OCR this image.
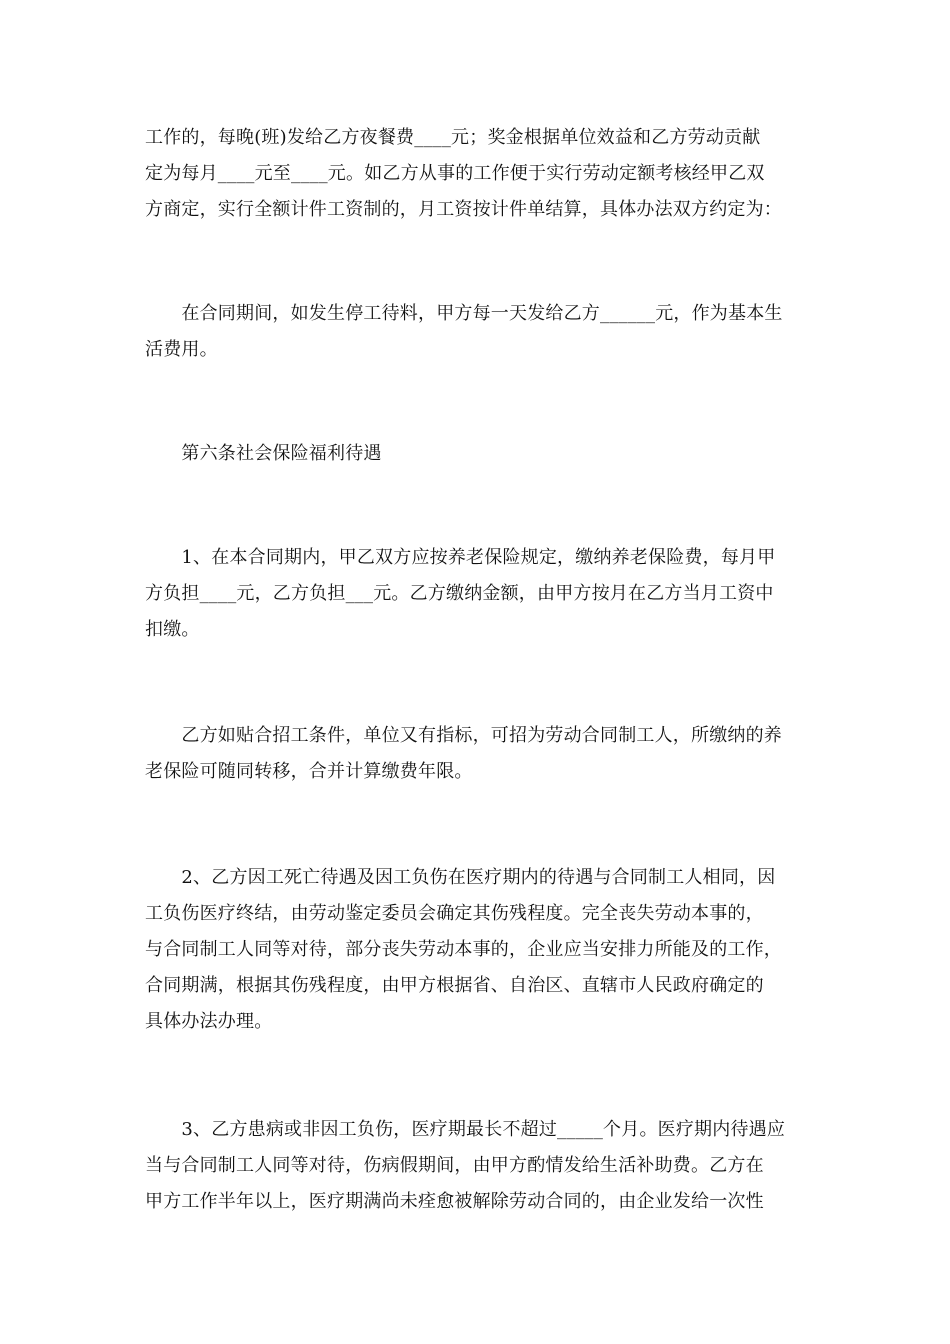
工作的，每晚(班)发给乙方夜餐费____元；奖金根据单位效益和乙方劳动贡献
定为每月____元至____元。如乙方从事的工作便于实行劳动定额考核经甲乙双
方商定，实行全额计件工资制的，月工资按计件单结算，具体办法双方约定为：
　　在合同期间，如发生停工待料，甲方每一天发给乙方______元，作为基本生
活费用。
　　第六条社会保险福利待遇
　　1、在本合同期内，甲乙双方应按养老保险规定，缴纳养老保险费，每月甲
方负担____元，乙方负担___元。乙方缴纳金额，由甲方按月在乙方当月工资中
扣缴。
　　乙方如贴合招工条件，单位又有指标，可招为劳动合同制工人，所缴纳的养
老保险可随同转移，合并计算缴费年限。
　　2、乙方因工死亡待遇及因工负伤在医疗期内的待遇与合同制工人相同，因
工负伤医疗终结，由劳动鉴定委员会确定其伤残程度。完全丧失劳动本事的，
与合同制工人同等对待，部分丧失劳动本事的，企业应当安排力所能及的工作，
合同期满，根据其伤残程度，由甲方根据省、自治区、直辖市人民政府确定的
具体办法办理。
　　3、乙方患病或非因工负伤，医疗期最长不超过_____个月。医疗期内待遇应
当与合同制工人同等对待，伤病假期间，由甲方酌情发给生活补助费。乙方在
甲方工作半年以上，医疗期满尚未痊愈被解除劳动合同的，由企业发给一次性
